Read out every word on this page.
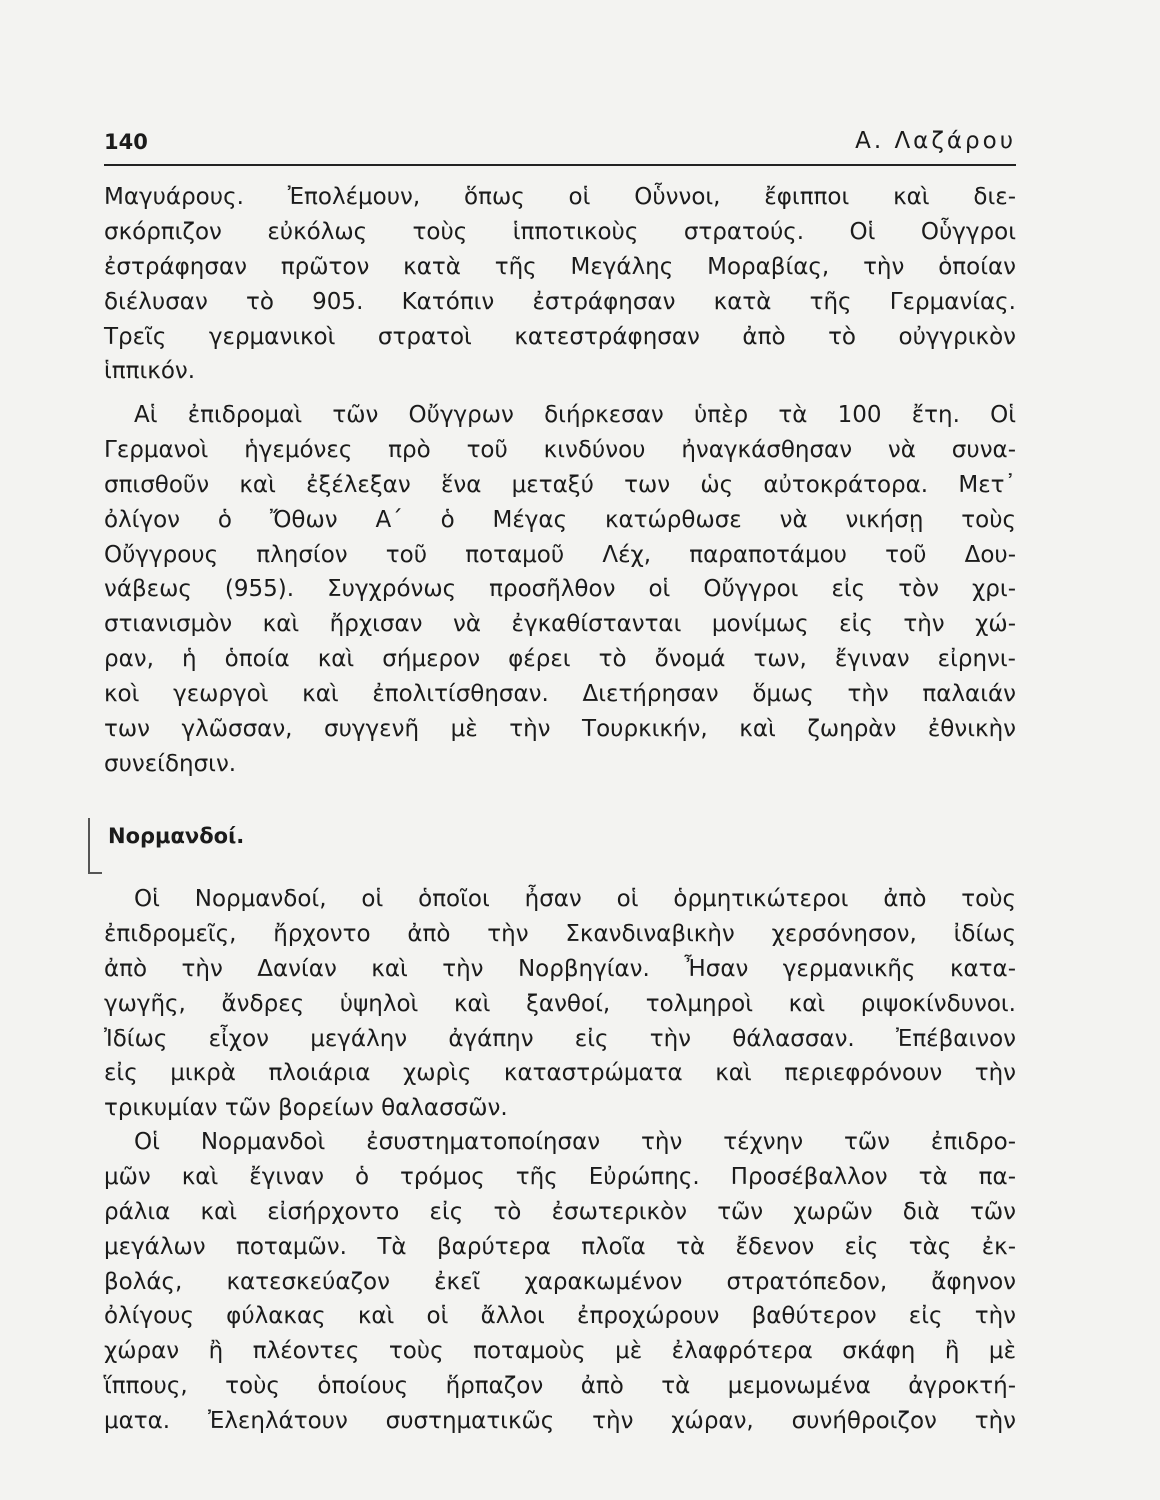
140	Α. Λαζάρου
Μαγυάρους. Ἐπολέμουν, ὅπως οἱ Οὗννοι, ἔφιπποι καὶ διε-
σκόρπιζον εὐκόλως τοὺς ἱπποτικοὺς στρατούς. Οἱ Οὗγγροι
ἐστράφησαν πρῶτον κατὰ τῆς Μεγάλης Μοραβίας, τὴν ὁποίαν
διέλυσαν τὸ 905. Κατόπιν ἐστράφησαν κατὰ τῆς Γερμανίας.
Τρεῖς γερμανικοὶ στρατοὶ κατεστράφησαν ἀπὸ τὸ οὐγγρικὸν
ἱππικόν.
Αἱ ἐπιδρομαὶ τῶν Οὔγγρων διήρκεσαν ὑπὲρ τὰ 100 ἔτη. Οἱ
Γερμανοὶ ἡγεμόνες πρὸ τοῦ κινδύνου ἠναγκάσθησαν νὰ συνα-
σπισθοῦν καὶ ἐξέλεξαν ἕνα μεταξύ των ὡς αὐτοκράτορα. Μετ᾽
ὀλίγον ὁ Ὄθων Α΄ ὁ Μέγας κατώρθωσε νὰ νικήσῃ τοὺς
Οὔγγρους πλησίον τοῦ ποταμοῦ Λέχ, παραποτάμου τοῦ Δου-
νάβεως (955). Συγχρόνως προσῆλθον οἱ Οὔγγροι εἰς τὸν χρι-
στιανισμὸν καὶ ἤρχισαν νὰ ἐγκαθίστανται μονίμως εἰς τὴν χώ-
ραν, ἡ ὁποία καὶ σήμερον φέρει τὸ ὄνομά των, ἔγιναν εἰρηνι-
κοὶ γεωργοὶ καὶ ἐπολιτίσθησαν. Διετήρησαν ὅμως τὴν παλαιάν
των γλῶσσαν, συγγενῆ μὲ τὴν Τουρκικήν, καὶ ζωηρὰν ἐθνικὴν
συνείδησιν.
Νορμανδοί.
Οἱ Νορμανδοί, οἱ ὁποῖοι ἦσαν οἱ ὁρμητικώτεροι ἀπὸ τοὺς
ἐπιδρομεῖς, ἤρχοντο ἀπὸ τὴν Σκανδιναβικὴν χερσόνησον, ἰδίως
ἀπὸ τὴν Δανίαν καὶ τὴν Νορβηγίαν. Ἦσαν γερμανικῆς κατα-
γωγῆς, ἄνδρες ὑψηλοὶ καὶ ξανθοί, τολμηροὶ καὶ ριψοκίνδυνοι.
Ἰδίως εἶχον μεγάλην ἀγάπην εἰς τὴν θάλασσαν. Ἐπέβαινον
εἰς μικρὰ πλοιάρια χωρὶς καταστρώματα καὶ περιεφρόνουν τὴν
τρικυμίαν τῶν βορείων θαλασσῶν.
Οἱ Νορμανδοὶ ἐσυστηματοποίησαν τὴν τέχνην τῶν ἐπιδρο-
μῶν καὶ ἔγιναν ὁ τρόμος τῆς Εὐρώπης. Προσέβαλλον τὰ πα-
ράλια καὶ εἰσήρχοντο εἰς τὸ ἐσωτερικὸν τῶν χωρῶν διὰ τῶν
μεγάλων ποταμῶν. Τὰ βαρύτερα πλοῖα τὰ ἔδενον εἰς τὰς ἐκ-
βολάς, κατεσκεύαζον ἐκεῖ χαρακωμένον στρατόπεδον, ἄφηνον
ὀλίγους φύλακας καὶ οἱ ἄλλοι ἐπροχώρουν βαθύτερον εἰς τὴν
χώραν ἢ πλέοντες τοὺς ποταμοὺς μὲ ἐλαφρότερα σκάφη ἢ μὲ
ἵππους, τοὺς ὁποίους ἥρπαζον ἀπὸ τὰ μεμονωμένα ἀγροκτή-
ματα. Ἐλεηλάτουν συστηματικῶς τὴν χώραν, συνήθροιζον τὴν
